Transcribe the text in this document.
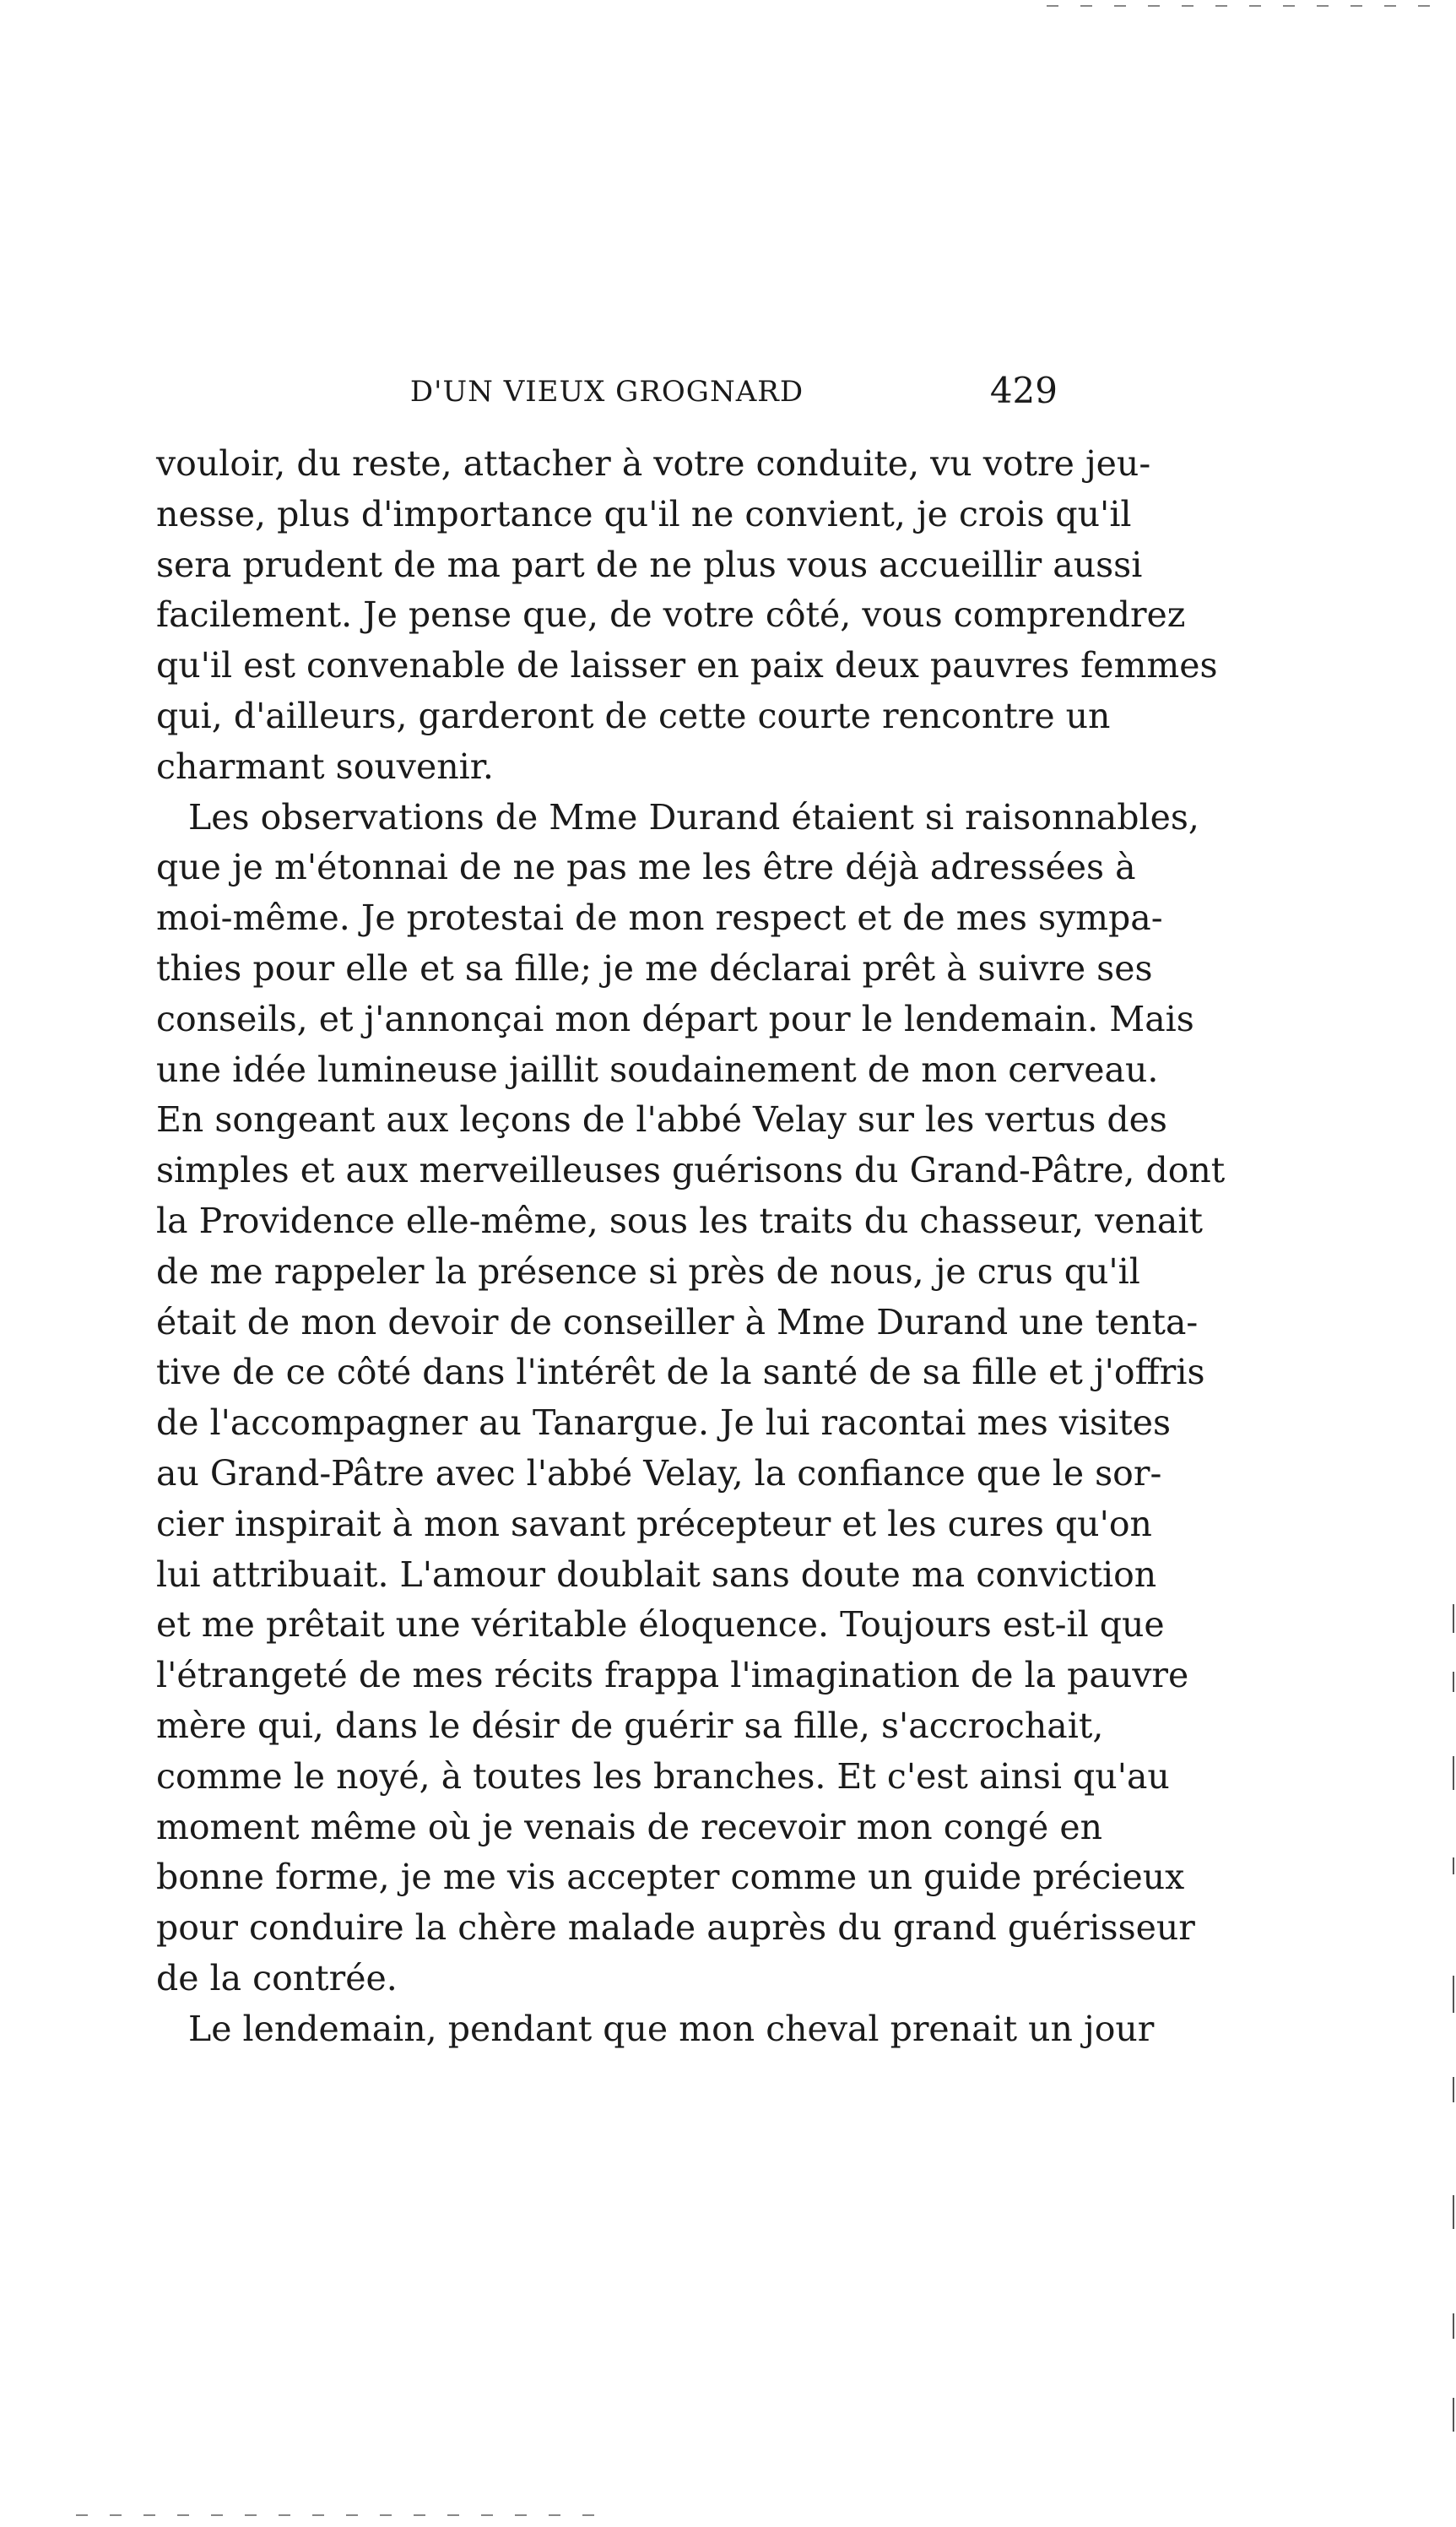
D'UN VIEUX GROGNARD	429
vouloir, du reste, attacher à votre conduite, vu votre jeu-
nesse, plus d'importance qu'il ne convient, je crois qu'il
sera prudent de ma part de ne plus vous accueillir aussi
facilement. Je pense que, de votre côté, vous comprendrez
qu'il est convenable de laisser en paix deux pauvres femmes
qui, d'ailleurs, garderont de cette courte rencontre un
charmant souvenir.
Les observations de Mme Durand étaient si raisonnables,
que je m'étonnai de ne pas me les être déjà adressées à
moi-même. Je protestai de mon respect et de mes sympa-
thies pour elle et sa fille; je me déclarai prêt à suivre ses
conseils, et j'annonçai mon départ pour le lendemain. Mais
une idée lumineuse jaillit soudainement de mon cerveau.
En songeant aux leçons de l'abbé Velay sur les vertus des
simples et aux merveilleuses guérisons du Grand-Pâtre, dont
la Providence elle-même, sous les traits du chasseur, venait
de me rappeler la présence si près de nous, je crus qu'il
était de mon devoir de conseiller à Mme Durand une tenta-
tive de ce côté dans l'intérêt de la santé de sa fille et j'offris
de l'accompagner au Tanargue. Je lui racontai mes visites
au Grand-Pâtre avec l'abbé Velay, la confiance que le sor-
cier inspirait à mon savant précepteur et les cures qu'on
lui attribuait. L'amour doublait sans doute ma conviction
et me prêtait une véritable éloquence. Toujours est-il que
l'étrangeté de mes récits frappa l'imagination de la pauvre
mère qui, dans le désir de guérir sa fille, s'accrochait,
comme le noyé, à toutes les branches. Et c'est ainsi qu'au
moment même où je venais de recevoir mon congé en
bonne forme, je me vis accepter comme un guide précieux
pour conduire la chère malade auprès du grand guérisseur
de la contrée.
Le lendemain, pendant que mon cheval prenait un jour
